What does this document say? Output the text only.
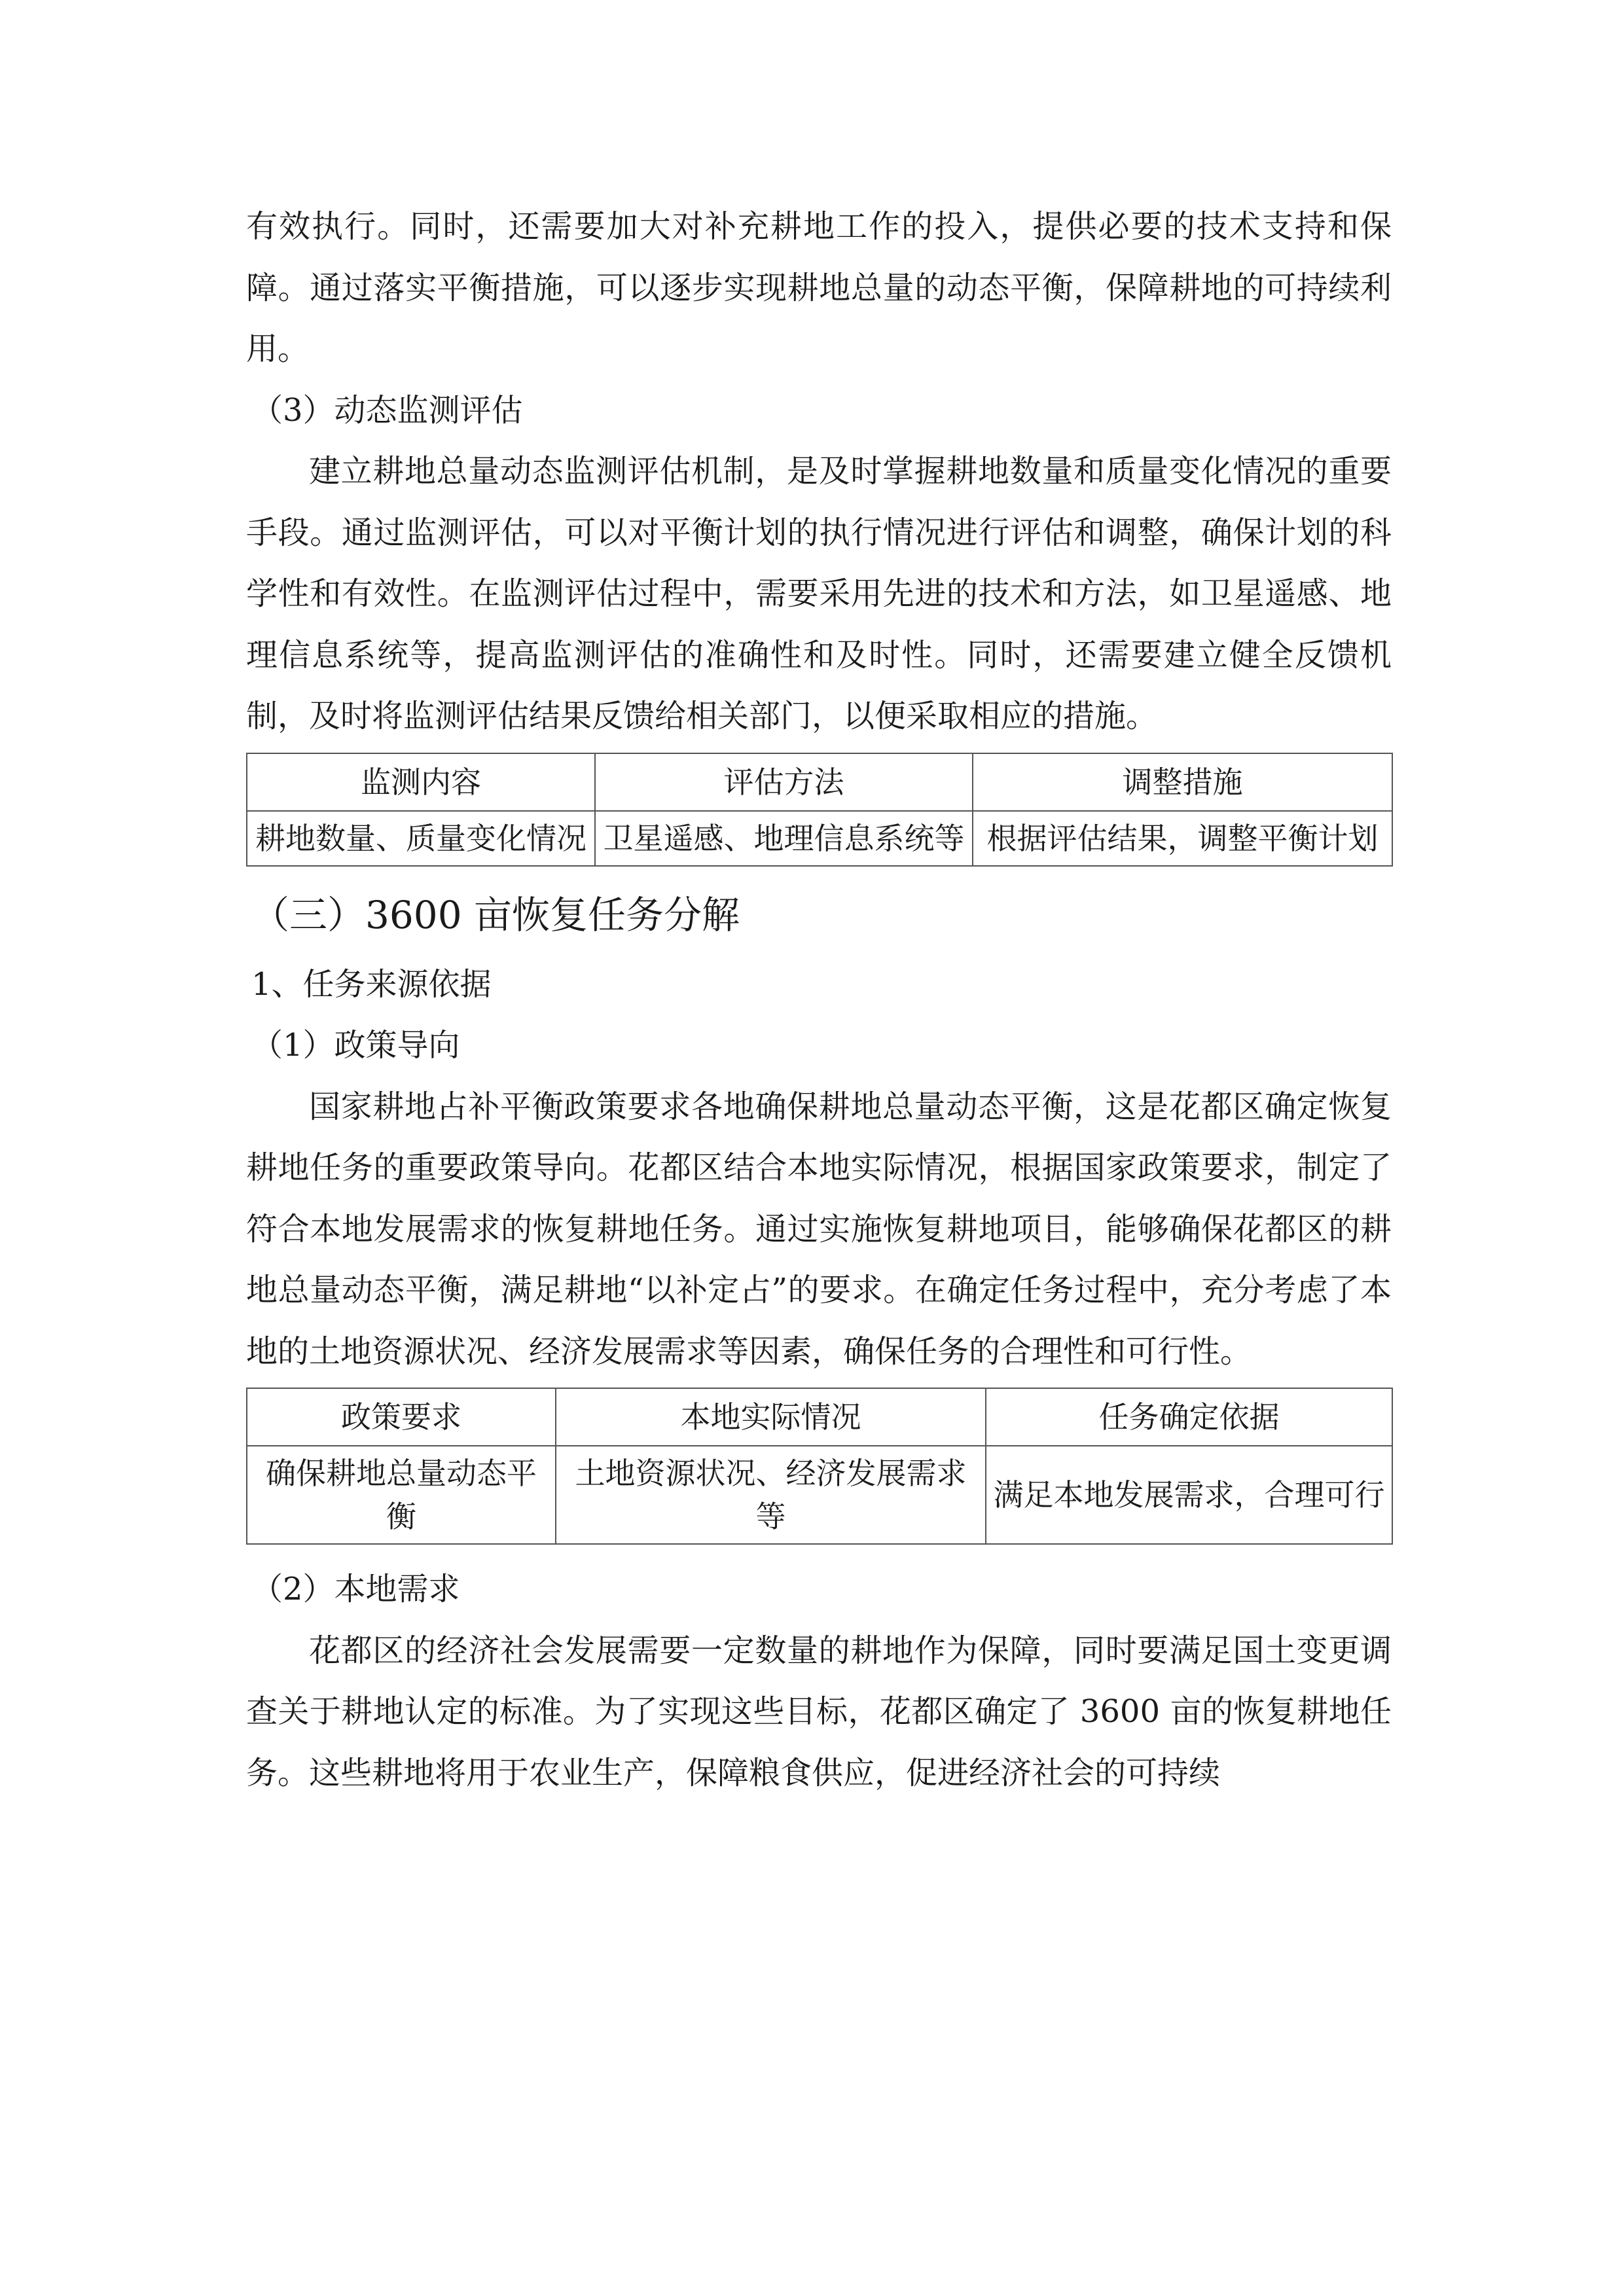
有效执行。同时，还需要加大对补充耕地工作的投入，提供必要的技术支持和保障。通过落实平衡措施，可以逐步实现耕地总量的动态平衡，保障耕地的可持续利用。

（3）动态监测评估

建立耕地总量动态监测评估机制，是及时掌握耕地数量和质量变化情况的重要手段。通过监测评估，可以对平衡计划的执行情况进行评估和调整，确保计划的科学性和有效性。在监测评估过程中，需要采用先进的技术和方法，如卫星遥感、地理信息系统等，提高监测评估的准确性和及时性。同时，还需要建立健全反馈机制，及时将监测评估结果反馈给相关部门，以便采取相应的措施。

监测内容	评估方法	调整措施
耕地数量、质量变化情况	卫星遥感、地理信息系统等	根据评估结果，调整平衡计划

（三）3600 亩恢复任务分解

1、任务来源依据

（1）政策导向

国家耕地占补平衡政策要求各地确保耕地总量动态平衡，这是花都区确定恢复耕地任务的重要政策导向。花都区结合本地实际情况，根据国家政策要求，制定了符合本地发展需求的恢复耕地任务。通过实施恢复耕地项目，能够确保花都区的耕地总量动态平衡，满足耕地“以补定占”的要求。在确定任务过程中，充分考虑了本地的土地资源状况、经济发展需求等因素，确保任务的合理性和可行性。

政策要求	本地实际情况	任务确定依据
确保耕地总量动态平衡	土地资源状况、经济发展需求等	满足本地发展需求，合理可行

（2）本地需求

花都区的经济社会发展需要一定数量的耕地作为保障，同时要满足国土变更调查关于耕地认定的标准。为了实现这些目标，花都区确定了 3600 亩的恢复耕地任务。这些耕地将用于农业生产，保障粮食供应，促进经济社会的可持续
